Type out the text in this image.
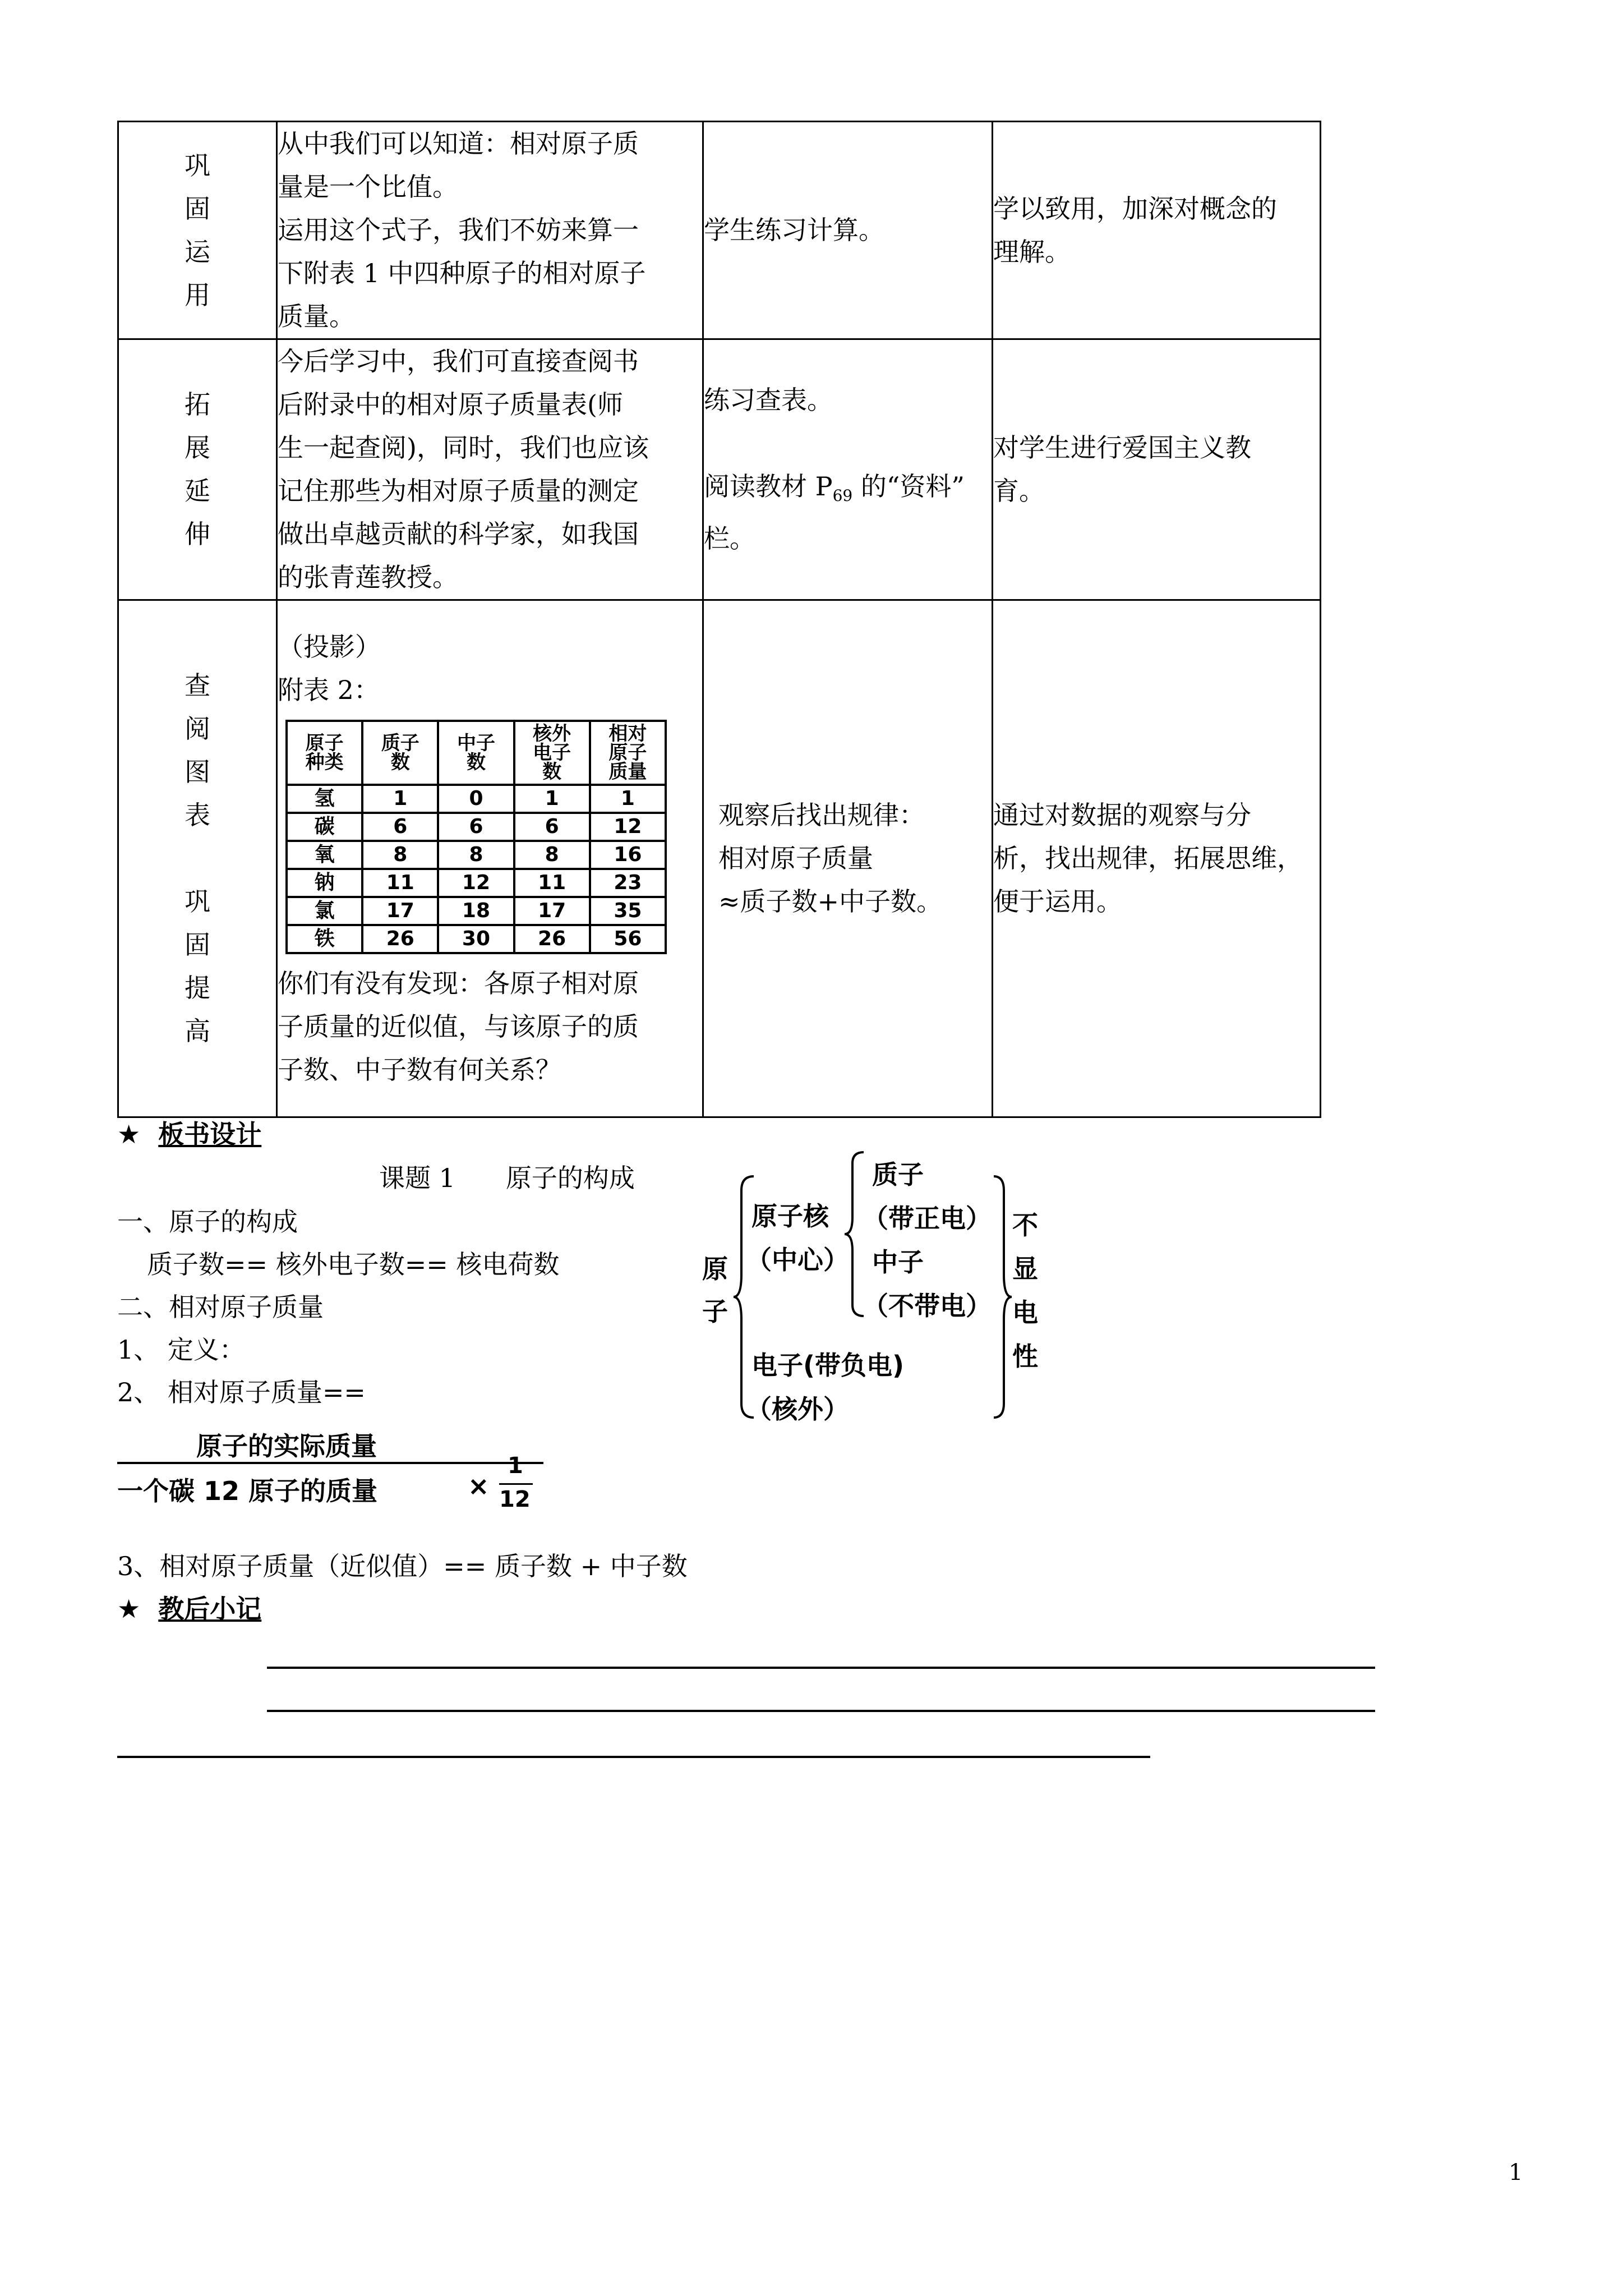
巩
固
运
用

从中我们可以知道：相对原子质
量是一个比值。
运用这个式子，我们不妨来算一
下附表 1 中四种原子的相对原子
质量。

学生练习计算。

学以致用，加深对概念的
理解。

拓
展
延
伸

今后学习中，我们可直接查阅书
后附录中的相对原子质量表(师
生一起查阅)，同时，我们也应该
记住那些为相对原子质量的测定
做出卓越贡献的科学家，如我国
的张青莲教授。

练习查表。
阅读教材 $P_{69}$ 的“资料”
栏。

对学生进行爱国主义教
育。

查
阅
图
表
巩
固
提
高

（投影）
附表 2：
原子
种类	质子
数	中子
数	核外
电子
数	相对
原子
质量
氢	1	0	1	1
碳	6	6	6	12
氧	8	8	8	16
钠	11	12	11	23
氯	17	18	17	35
铁	26	30	26	56
你们有没有发现：各原子相对原
子质量的近似值，与该原子的质
子数、中子数有何关系？

观察后找出规律：
相对原子质量
≈质子数+中子数。

通过对数据的观察与分
析，找出规律，拓展思维，
便于运用。
★ 板书设计
课题 1 原子的构成
一、原子的构成
质子数== 核外电子数== 核电荷数
二、相对原子质量
1、 定义：
2、 相对原子质量==
原子的实际质量
一个碳 12 原子的质量	×
1
12
3、相对原子质量（近似值）== 质子数 + 中子数
原
子
原子核
（中心）
质子
（带正电）
中子
（不带电）
电子(带负电)
（核外）
不
显
电
性
★ 教后小记
1
